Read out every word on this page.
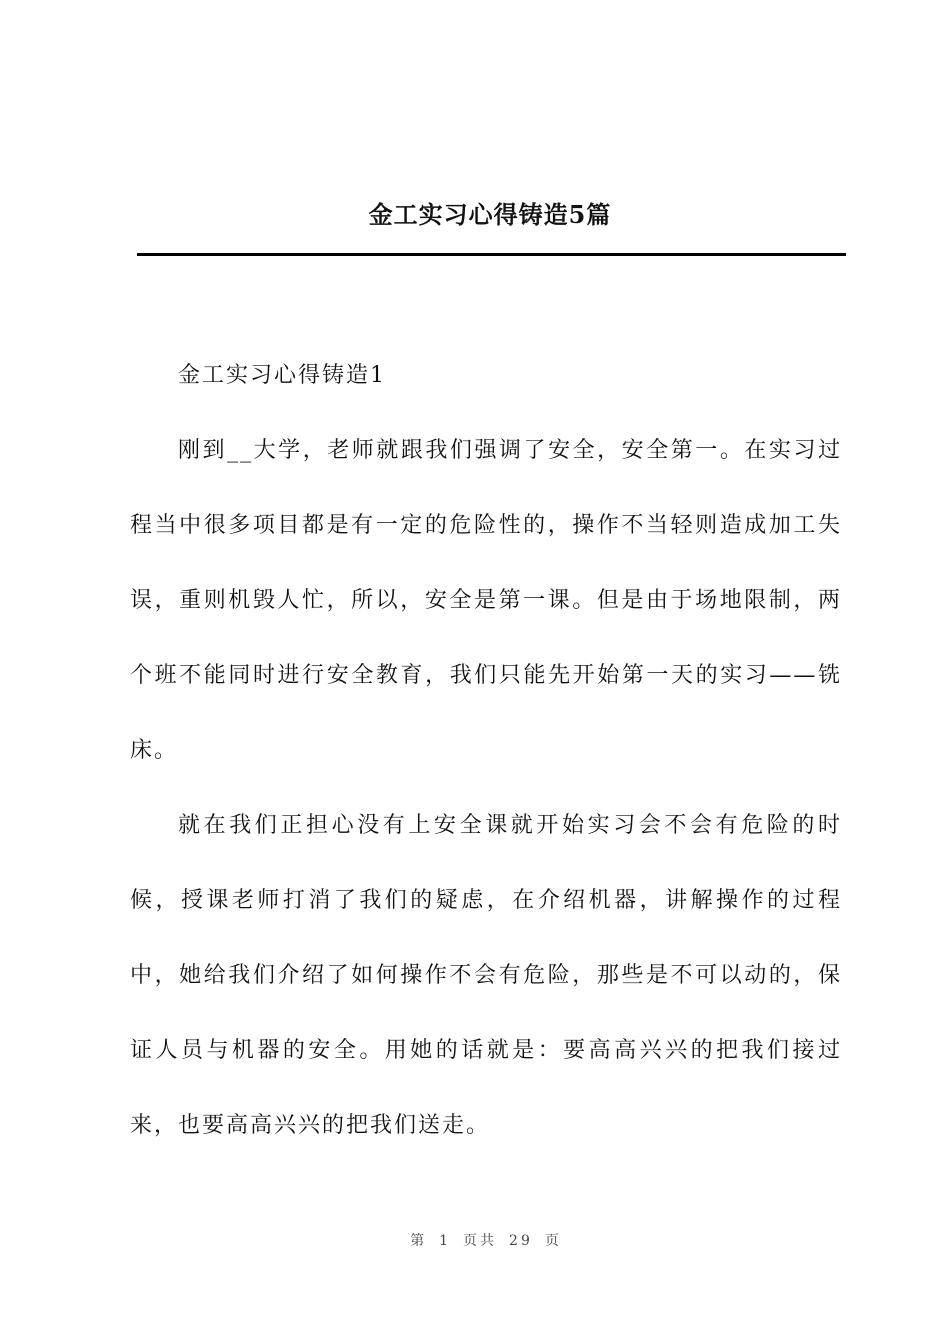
金工实习心得铸造5篇

金工实习心得铸造1

刚到__大学，老师就跟我们强调了安全，安全第一。在实习过程当中很多项目都是有一定的危险性的，操作不当轻则造成加工失误，重则机毁人忙，所以，安全是第一课。但是由于场地限制，两个班不能同时进行安全教育，我们只能先开始第一天的实习——铣床。

就在我们正担心没有上安全课就开始实习会不会有危险的时候，授课老师打消了我们的疑虑，在介绍机器，讲解操作的过程中，她给我们介绍了如何操作不会有危险，那些是不可以动的，保证人员与机器的安全。用她的话就是：要高高兴兴的把我们接过来，也要高高兴兴的把我们送走。

第 1 页共 29 页
